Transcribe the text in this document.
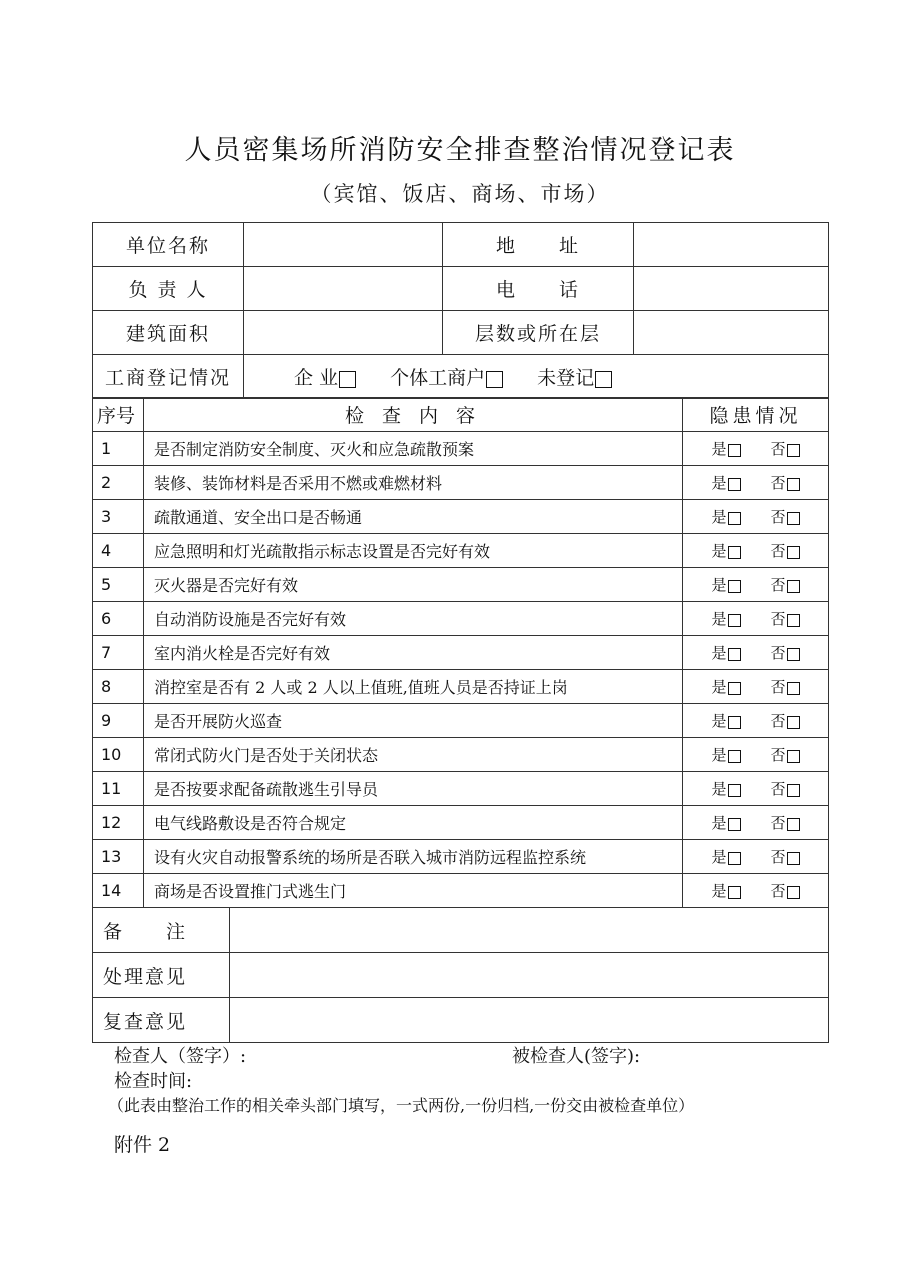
人员密集场所消防安全排查整治情况登记表
（宾馆、饭店、商场、市场）
单位名称		地　　址	
负 责 人		电　　话	
建筑面积		层数或所在层	
工商登记情况	企 业 个体工商户 未登记		
序号	检 查 内 容	隐患情况
1	是否制定消防安全制度、灭火和应急疏散预案	是 否
2	装修、装饰材料是否采用不燃或难燃材料	是 否
3	疏散通道、安全出口是否畅通	是 否
4	应急照明和灯光疏散指示标志设置是否完好有效	是 否
5	灭火器是否完好有效	是 否
6	自动消防设施是否完好有效	是 否
7	室内消火栓是否完好有效	是 否
8	消控室是否有 2 人或 2 人以上值班,值班人员是否持证上岗	是 否
9	是否开展防火巡查	是 否
10	常闭式防火门是否处于关闭状态	是 否
11	是否按要求配备疏散逃生引导员	是 否
12	电气线路敷设是否符合规定	是 否
13	设有火灾自动报警系统的场所是否联入城市消防远程监控系统	是 否
14	商场是否设置推门式逃生门	是 否
备　　注	
处理意见	
复查意见	
检查人（签字）:	被检查人(签字):
检查时间:
（此表由整治工作的相关牵头部门填写，一式两份,一份归档,一份交由被检查单位）
附件 2
